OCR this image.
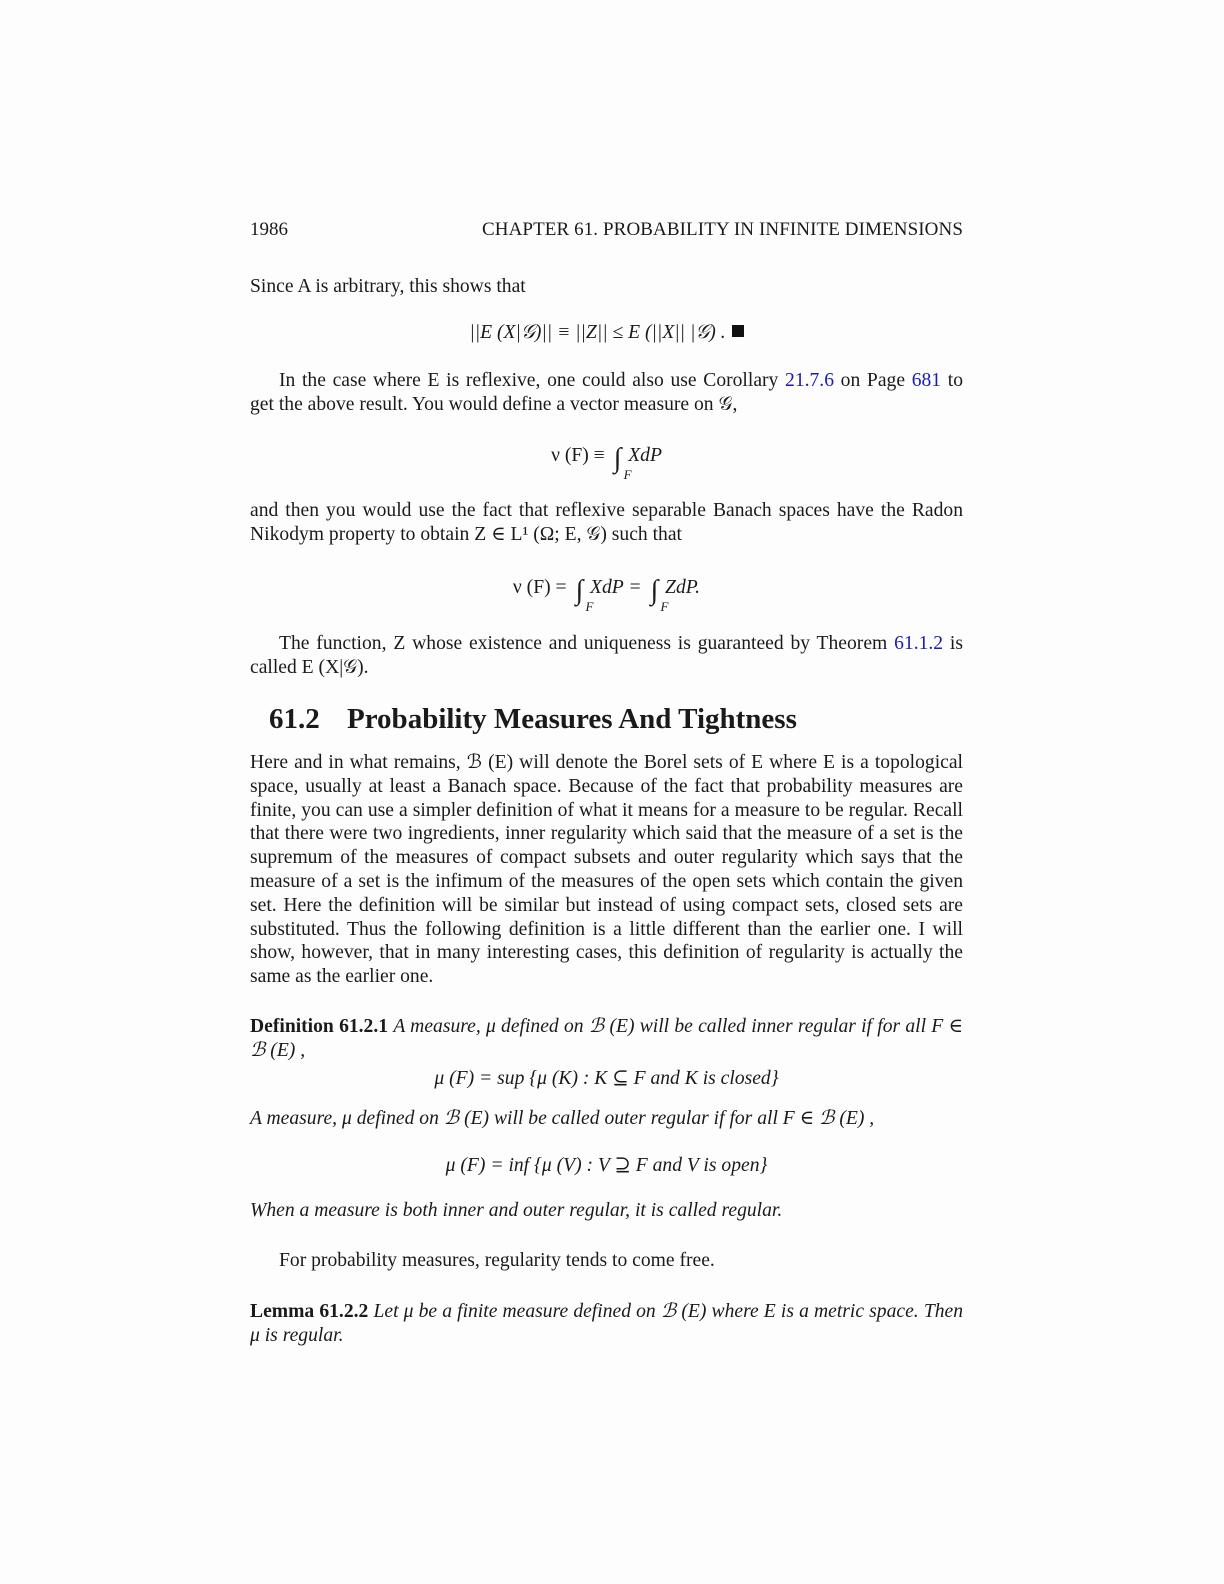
1986	CHAPTER 61. PROBABILITY IN INFINITE DIMENSIONS
Since A is arbitrary, this shows that
||E (X|𝒢)|| ≡ ||Z|| ≤ E (||X|| |𝒢) .
In the case where E is reflexive, one could also use Corollary 21.7.6 on Page 681 to get the above result. You would define a vector measure on 𝒢,
ν (F) ≡ ∫
F
XdP
and then you would use the fact that reflexive separable Banach spaces have the Radon Nikodym property to obtain Z ∈ L¹ (Ω; E, 𝒢) such that
ν (F) = ∫
F
XdP = ∫
F
ZdP.
The function, Z whose existence and uniqueness is guaranteed by Theorem 61.1.2 is called E (X|𝒢).
61.2 Probability Measures And Tightness
Here and in what remains, ℬ (E) will denote the Borel sets of E where E is a topological space, usually at least a Banach space. Because of the fact that probability measures are finite, you can use a simpler definition of what it means for a measure to be regular. Recall that there were two ingredients, inner regularity which said that the measure of a set is the supremum of the measures of compact subsets and outer regularity which says that the measure of a set is the infimum of the measures of the open sets which contain the given set. Here the definition will be similar but instead of using compact sets, closed sets are substituted. Thus the following definition is a little different than the earlier one. I will show, however, that in many interesting cases, this definition of regularity is actually the same as the earlier one.
Definition 61.2.1 A measure, μ defined on ℬ (E) will be called inner regular if for all F ∈ ℬ (E) ,
μ (F) = sup {μ (K) : K ⊆ F and K is closed}
A measure, μ defined on ℬ (E) will be called outer regular if for all F ∈ ℬ (E) ,
μ (F) = inf {μ (V) : V ⊇ F and V is open}
When a measure is both inner and outer regular, it is called regular.
For probability measures, regularity tends to come free.
Lemma 61.2.2 Let μ be a finite measure defined on ℬ (E) where E is a metric space. Then μ is regular.
